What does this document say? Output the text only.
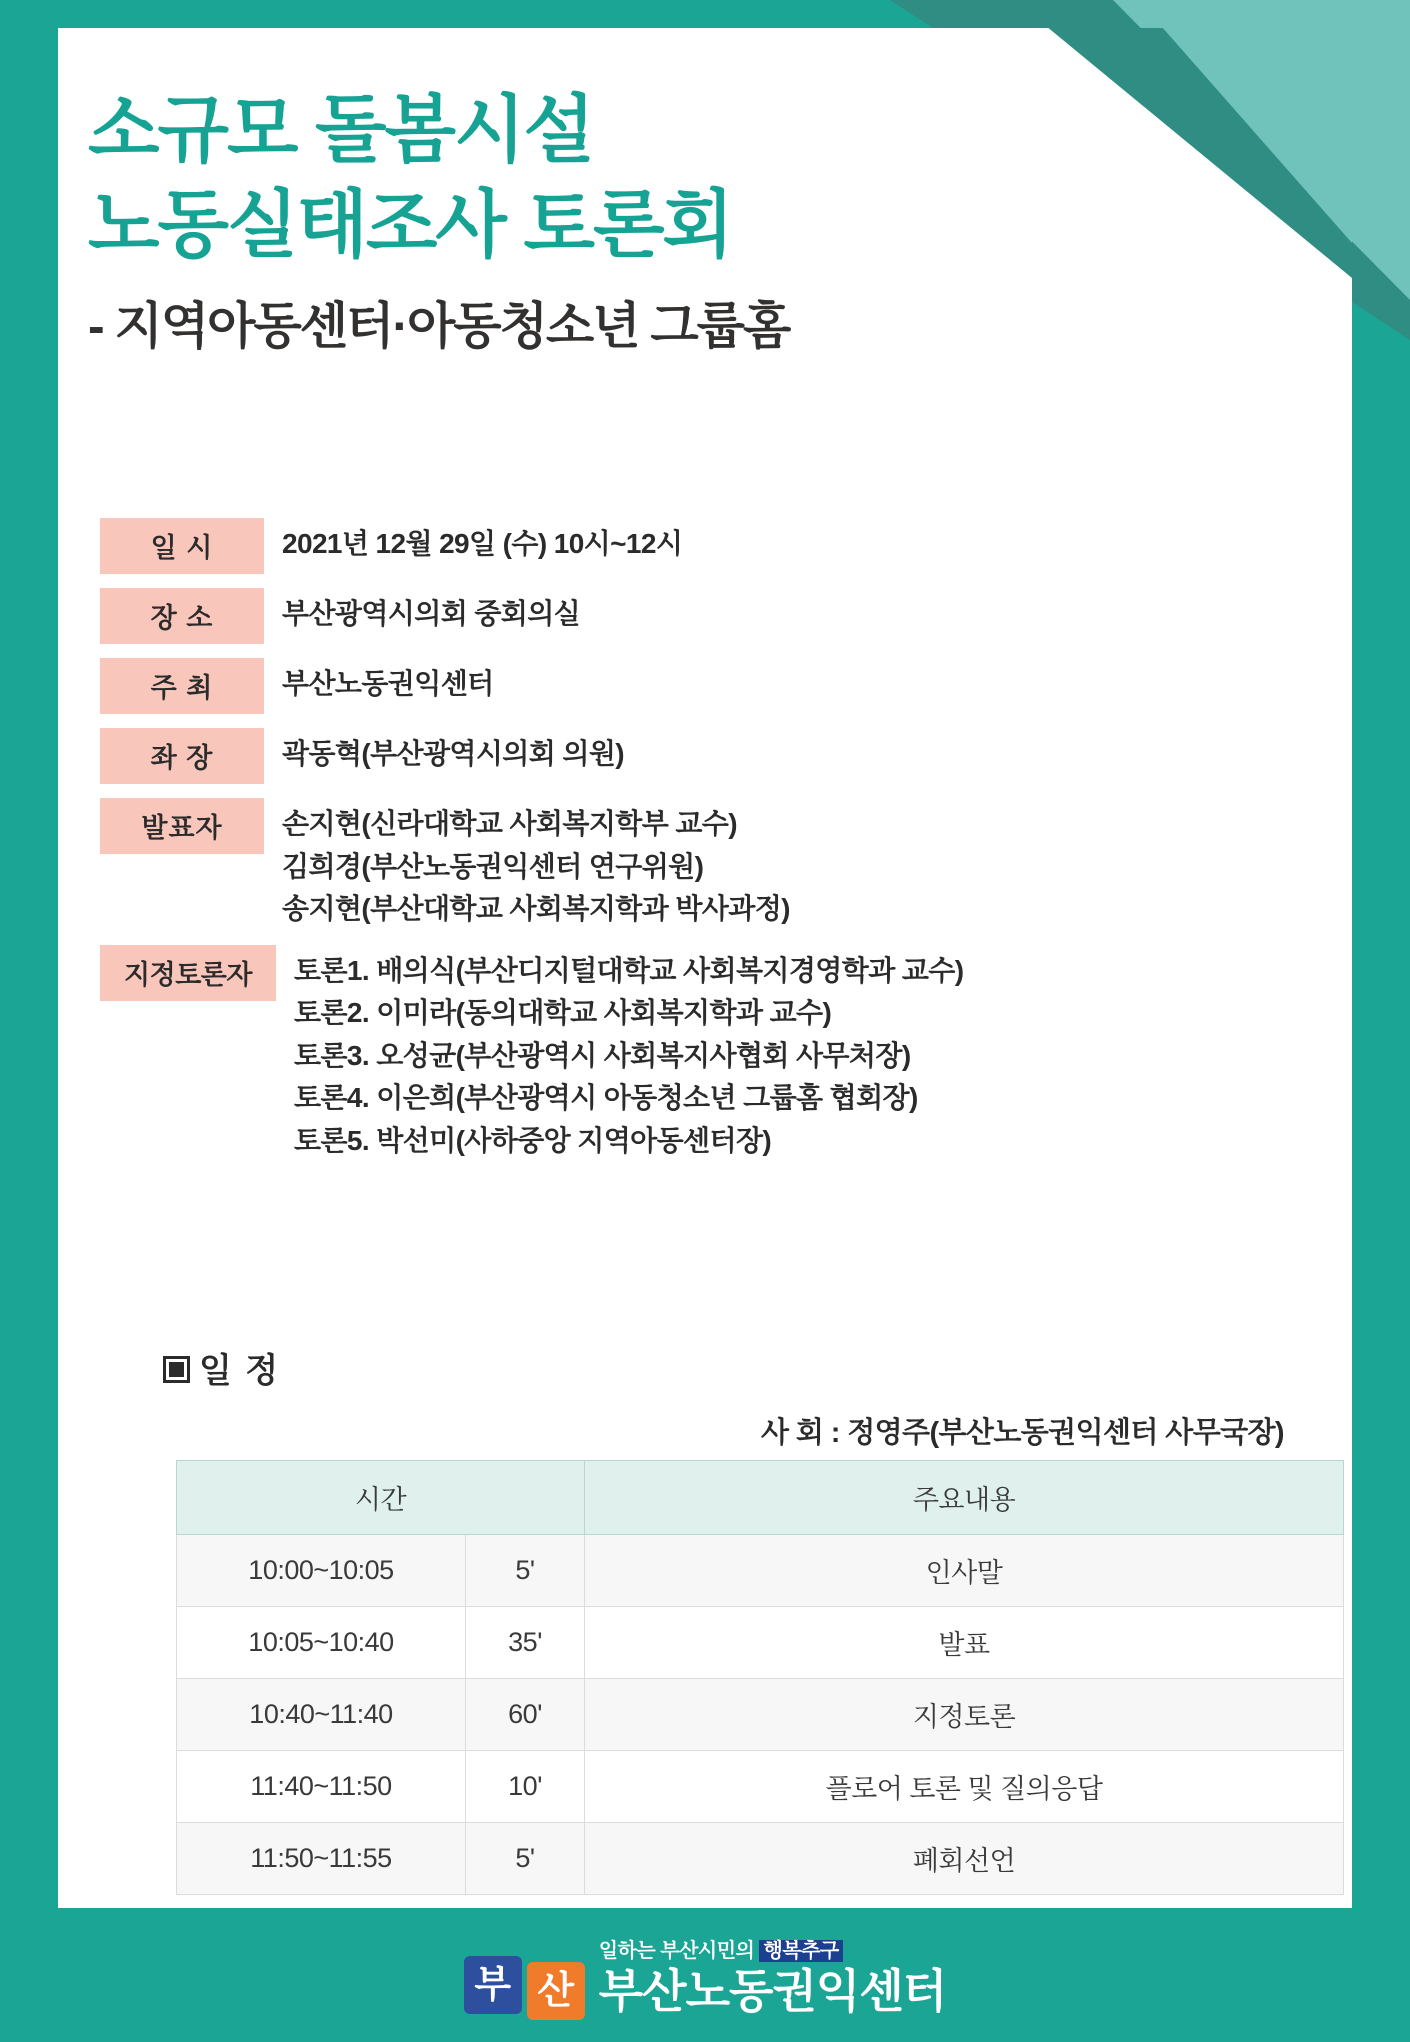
소규모 돌봄시설
노동실태조사 토론회
- 지역아동센터·아동청소년 그룹홈
일 시	2021년 12월 29일 (수) 10시~12시
장 소	부산광역시의회 중회의실
주 최	부산노동권익센터
좌 장	곽동혁(부산광역시의회 의원)
발표자	손지현(신라대학교 사회복지학부 교수)
김희경(부산노동권익센터 연구위원)
송지현(부산대학교 사회복지학과 박사과정)
지정토론자	토론1. 배의식(부산디지털대학교 사회복지경영학과 교수)
토론2. 이미라(동의대학교 사회복지학과 교수)
토론3. 오성균(부산광역시 사회복지사협회 사무처장)
토론4. 이은희(부산광역시 아동청소년 그룹홈 협회장)
토론5. 박선미(사하중앙 지역아동센터장)
일 정
사 회 : 정영주(부산노동권익센터 사무국장)
시간		주요내용
10:00~10:05	5'	인사말
10:05~10:40	35'	발표
10:40~11:40	60'	지정토론
11:40~11:50	10'	플로어 토론 및 질의응답
11:50~11:55	5'	폐회선언
부 산
일하는 부산시민의 행복추구
부산노동권익센터
